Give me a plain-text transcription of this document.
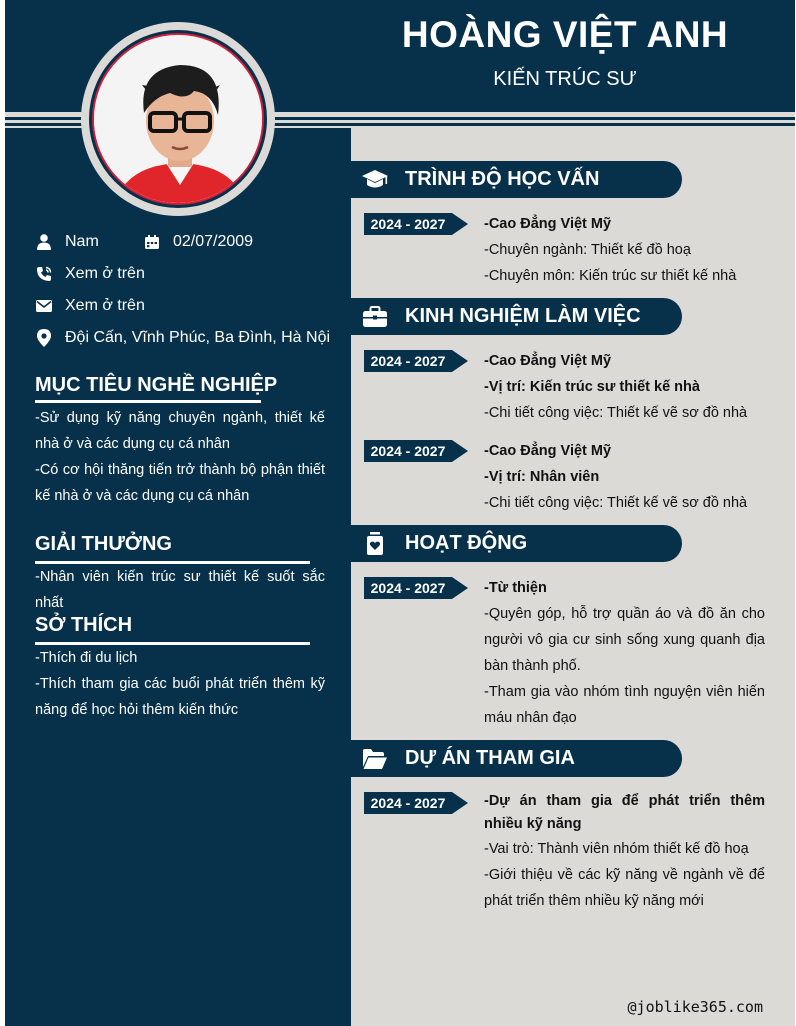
HOÀNG VIỆT ANH
KIẾN TRÚC SƯ
Nam	02/07/2009
Xem ở trên
Xem ở trên
Đội Cấn, Vĩnh Phúc, Ba Đình, Hà Nội
MỤC TIÊU NGHỀ NGHIỆP

-Sử dụng kỹ năng chuyên ngành, thiết kế nhà ở và các dụng cụ cá nhân

-Có cơ hội thăng tiến trở thành bộ phận thiết kế nhà ở và các dụng cụ cá nhân

GIẢI THƯỞNG

-Nhân viên kiến trúc sư thiết kế suốt sắc nhất

SỞ THÍCH

-Thích đi du lịch

-Thích tham gia các buổi phát triển thêm kỹ năng để học hỏi thêm kiến thức

TRÌNH ĐỘ HỌC VẤN
2024 - 2027	-Cao Đẳng Việt Mỹ

-Chuyên ngành: Thiết kế đồ hoạ

-Chuyên môn: Kiến trúc sư thiết kế nhà

KINH NGHIỆM LÀM VIỆC
2024 - 2027	-Cao Đẳng Việt Mỹ

-Vị trí: Kiến trúc sư thiết kế nhà

-Chi tiết công việc: Thiết kế vẽ sơ đồ nhà

2024 - 2027	-Cao Đẳng Việt Mỹ

-Vị trí: Nhân viên

-Chi tiết công việc: Thiết kế vẽ sơ đồ nhà

HOẠT ĐỘNG
2024 - 2027	-Từ thiện

-Quyên góp, hỗ trợ quần áo và đồ ăn cho người vô gia cư sinh sống xung quanh địa bàn thành phố.

-Tham gia vào nhóm tình nguyện viên hiến máu nhân đạo

DỰ ÁN THAM GIA
2024 - 2027	-Dự án tham gia để phát triển thêm nhiều kỹ năng

-Vai trò: Thành viên nhóm thiết kế đồ hoạ

-Giới thiệu về các kỹ năng về ngành về để phát triển thêm nhiều kỹ năng mới

@joblike365.com
